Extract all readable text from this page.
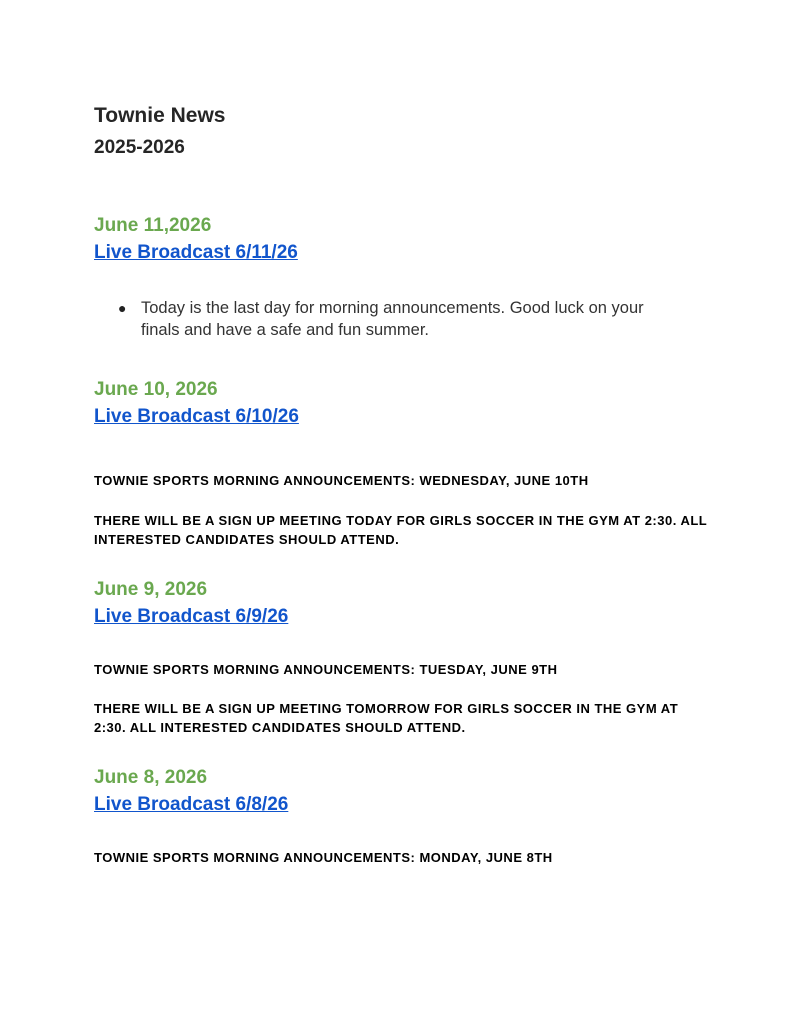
Townie News
2025-2026
June 11,2026
Live Broadcast 6/11/26
● Today is the last day for morning announcements. Good luck on your finals and have a safe and fun summer.
June 10, 2026
Live Broadcast 6/10/26

TOWNIE SPORTS MORNING ANNOUNCEMENTS: WEDNESDAY, JUNE 10TH

THERE WILL BE A SIGN UP MEETING TODAY FOR GIRLS SOCCER IN THE GYM AT 2:30. ALL INTERESTED CANDIDATES SHOULD ATTEND.

June 9, 2026
Live Broadcast 6/9/26

TOWNIE SPORTS MORNING ANNOUNCEMENTS: TUESDAY, JUNE 9TH

THERE WILL BE A SIGN UP MEETING TOMORROW FOR GIRLS SOCCER IN THE GYM AT 2:30. ALL INTERESTED CANDIDATES SHOULD ATTEND.

June 8, 2026
Live Broadcast 6/8/26

TOWNIE SPORTS MORNING ANNOUNCEMENTS: MONDAY, JUNE 8TH
